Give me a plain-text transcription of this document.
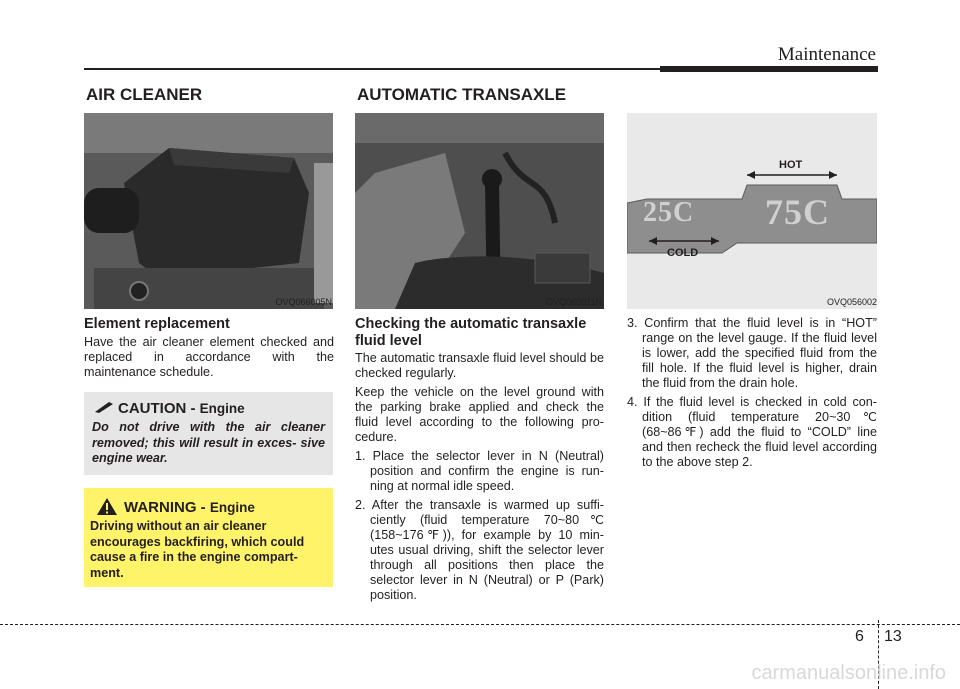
Maintenance
AIR CLEANER
OVQ066005N
Element replacement
Have the air cleaner element checked and replaced in accordance with the maintenance schedule.
CAUTION - Engine
Do not drive with the air cleaner removed; this will result in exces- sive engine wear.
WARNING - Engine
Driving without an air cleaner encourages backfiring, which could cause a fire in the engine compart- ment.
AUTOMATIC TRANSAXLE
OVQ066011N
Checking the automatic transaxle
fluid level
The automatic transaxle fluid level should be checked regularly.
Keep the vehicle on the level ground with the parking brake applied and check the fluid level according to the following pro- cedure.
1. Place the selector lever in N (Neutral) position and confirm the engine is run- ning at normal idle speed.
2. After the transaxle is warmed up suffi- ciently (fluid temperature 70~80℃ (158~176℉)), for example by 10 min- utes usual driving, shift the selector lever through all positions then place the selector lever in N (Neutral) or P (Park) position.
HOT
COLD
25C 75C
OVQ056002
3. Confirm that the fluid level is in “HOT” range on the level gauge. If the fluid level is lower, add the specified fluid from the fill hole. If the fluid level is higher, drain the fluid from the drain hole.
4. If the fluid level is checked in cold con- dition (fluid temperature 20~30℃ (68~86℉) add the fluid to “COLD” line and then recheck the fluid level according to the above step 2.
6 13
carmanualsonline.info
